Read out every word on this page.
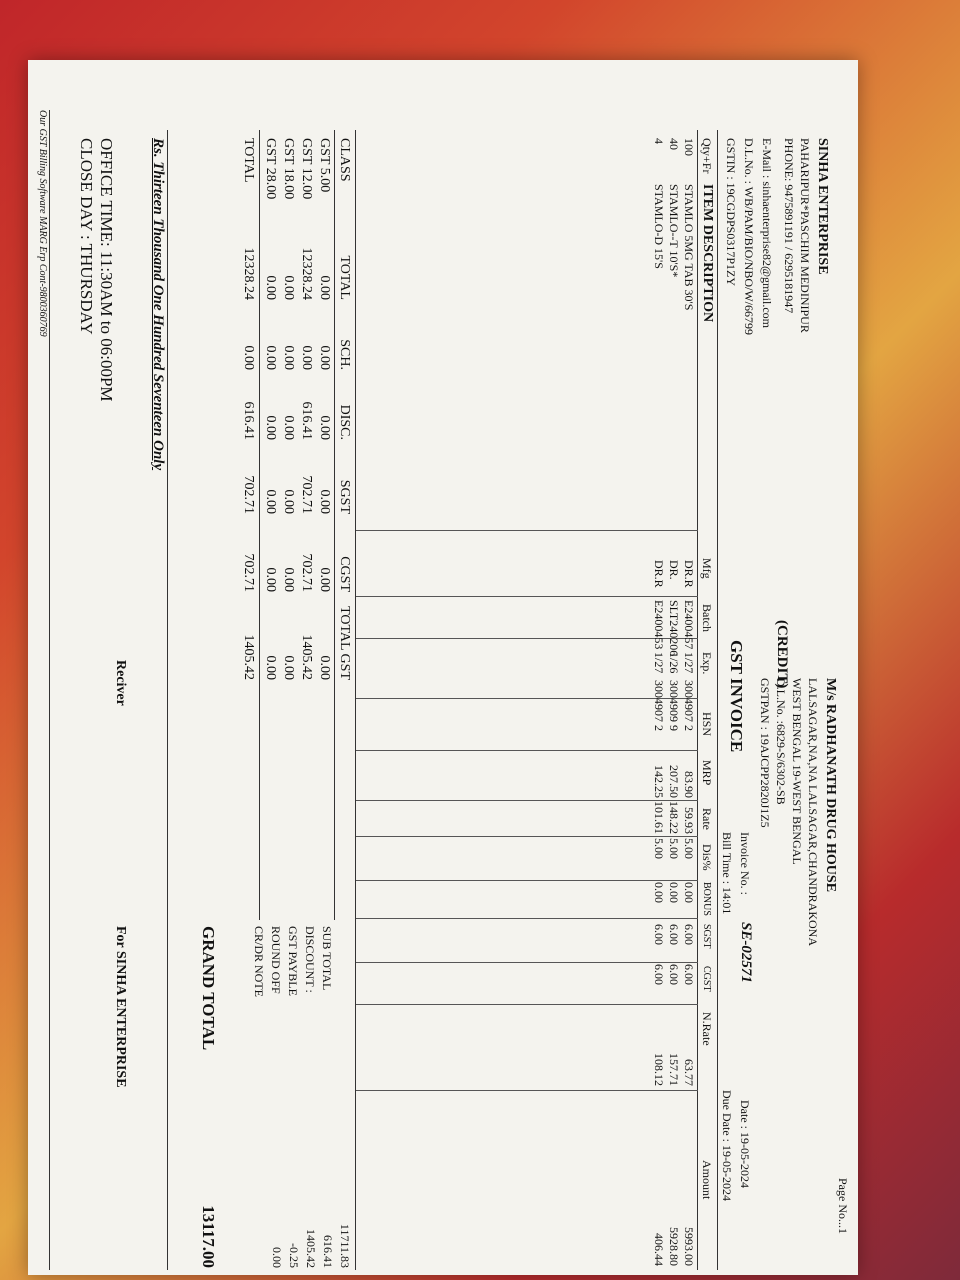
Page No...1
SINHA ENTERPRISE
PAHARIPUR*PASCHIM MEDINIPUR
PHONE: 9475891191 / 6295181947
E-Mail : sinhaenterprise82@gmail.com
D.L.No. : WB/PAM/BIO/NBO/W/66799
GSTIN : 19CGDPS0317P1ZY
M/s RADHANATH DRUG HOUSE
LALSAGAR,NA,NA LALSAGAR,CHANDRAKONA
WEST BENGAL 19-WEST BENGAL
(CREDIT)
D.L.No. :6829-S/6302-SB
GSTPAN : 19AJCPP2820J1Z5
GST INVOICE
Invoice No. :
SE-02571
Date : 19-05-2024
Bill Time : 14:01
Due Date : 19-05-2024
Qty+Fr
ITEM DESCRIPTION
Mfg
Batch
Exp.
HSN
MRP
Rate
Dis%
BONUS
SGST
CGST
N.Rate
Amount
100
STAMLO 5MG TAB 30'S
DR.R
E2400457
1/27
3004907 2
83.90
59.93
5.00
0.00
6.00
6.00
63.77
5993.00
40
STAMLO--T 10'S*
DR.
SLT240206
1/26
3004909 9
207.50
148.22
5.00
0.00
6.00
6.00
157.71
5928.80
4
STAMLO-D 15'S
DR.R
E2400453
1/27
3004907 2
142.25
101.61
5.00
0.00
6.00
6.00
108.12
406.44
CLASS
TOTAL
SCH.
DISC.
SGST
CGST
TOTAL GST
GST 5.00
0.00
0.00
0.00
0.00
0.00
0.00
GST 12.00
12328.24
0.00
616.41
702.71
702.71
1405.42
GST 18.00
0.00
0.00
0.00
0.00
0.00
0.00
GST 28.00
0.00
0.00
0.00
0.00
0.00
0.00
TOTAL
12328.24
0.00
616.41
702.71
702.71
1405.42
SUB TOTAL
11711.83
DISCOUNT :
616.41
GST PAYBLE
1405.42
ROUND OFF
-0.25
CR/DR NOTE
0.00
GRAND TOTAL
13117.00
Rs. Thirteen Thousand One Hundred Seventeen Only
OFFICE TIME: 11:30AM to 06:00PM
CLOSE DAY : THURSDAY
Reciver
For SINHA ENTERPRISE
Our GST Billing Software MARG Erp Cont-9800360769
